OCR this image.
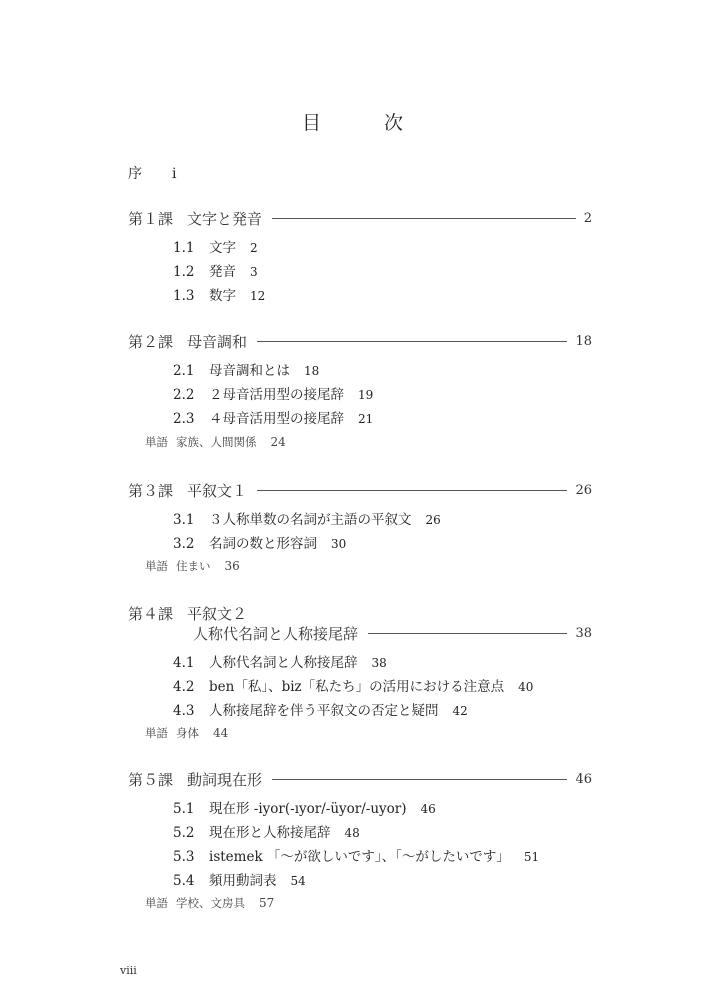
目　次
序 i
第１課 文字と発音	2
1.1 文字 2
1.2 発音 3
1.3 数字 12
第２課 母音調和	18
2.1 母音調和とは 18
2.2 ２母音活用型の接尾辞 19
2.3 ４母音活用型の接尾辞 21
単語 家族、人間関係 24
第３課 平叙文１	26
3.1 ３人称単数の名詞が主語の平叙文 26
3.2 名詞の数と形容詞 30
単語 住まい 36
第４課 平叙文２
人称代名詞と人称接尾辞	38
4.1 人称代名詞と人称接尾辞 38
4.2 ben「私」、biz「私たち」の活用における注意点 40
4.3 人称接尾辞を伴う平叙文の否定と疑問 42
単語 身体 44
第５課 動詞現在形	46
5.1 現在形 -iyor(-ıyor/-üyor/-uyor) 46
5.2 現在形と人称接尾辞 48
5.3 istemek 「～が欲しいです」、「～がしたいです」 51
5.4 頻用動詞表 54
単語 学校、文房具 57
viii
